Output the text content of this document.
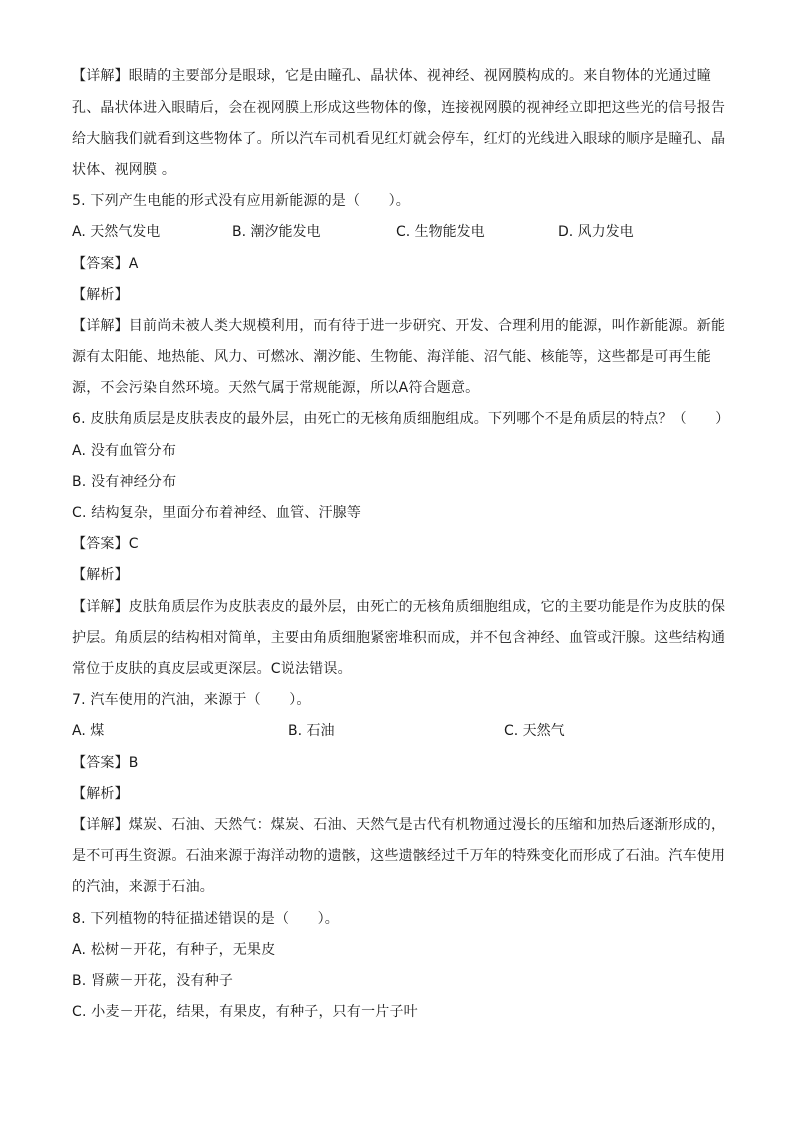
【详解】眼睛的主要部分是眼球，它是由瞳孔、晶状体、视神经、视网膜构成的。来自物体的光通过瞳
孔、晶状体进入眼睛后，会在视网膜上形成这些物体的像，连接视网膜的视神经立即把这些光的信号报告
给大脑我们就看到这些物体了。所以汽车司机看见红灯就会停车，红灯的光线进入眼球的顺序是瞳孔、晶
状体、视网膜 。
5. 下列产生电能的形式没有应用新能源的是（　　）。
A. 天然气发电	B. 潮汐能发电	C. 生物能发电	D. 风力发电
【答案】A
【解析】
【详解】目前尚未被人类大规模利用，而有待于进一步研究、开发、合理利用的能源，叫作新能源。新能
源有太阳能、地热能、风力、可燃冰、潮汐能、生物能、海洋能、沼气能、核能等，这些都是可再生能
源，不会污染自然环境。天然气属于常规能源，所以A符合题意。
6. 皮肤角质层是皮肤表皮的最外层，由死亡的无核角质细胞组成。下列哪个不是角质层的特点？（　　）
A. 没有血管分布
B. 没有神经分布
C. 结构复杂，里面分布着神经、血管、汗腺等
【答案】C
【解析】
【详解】皮肤角质层作为皮肤表皮的最外层，由死亡的无核角质细胞组成，它的主要功能是作为皮肤的保
护层。角质层的结构相对简单，主要由角质细胞紧密堆积而成，并不包含神经、血管或汗腺。这些结构通
常位于皮肤的真皮层或更深层。C说法错误。
7. 汽车使用的汽油，来源于（　　）。
A. 煤	B. 石油	C. 天然气
【答案】B
【解析】
【详解】煤炭、石油、天然气：煤炭、石油、天然气是古代有机物通过漫长的压缩和加热后逐渐形成的，
是不可再生资源。石油来源于海洋动物的遗骸，这些遗骸经过千万年的特殊变化而形成了石油。汽车使用
的汽油，来源于石油。
8. 下列植物的特征描述错误的是（　　）。
A. 松树－开花，有种子，无果皮
B. 肾蕨－开花，没有种子
C. 小麦－开花，结果，有果皮，有种子，只有一片子叶
